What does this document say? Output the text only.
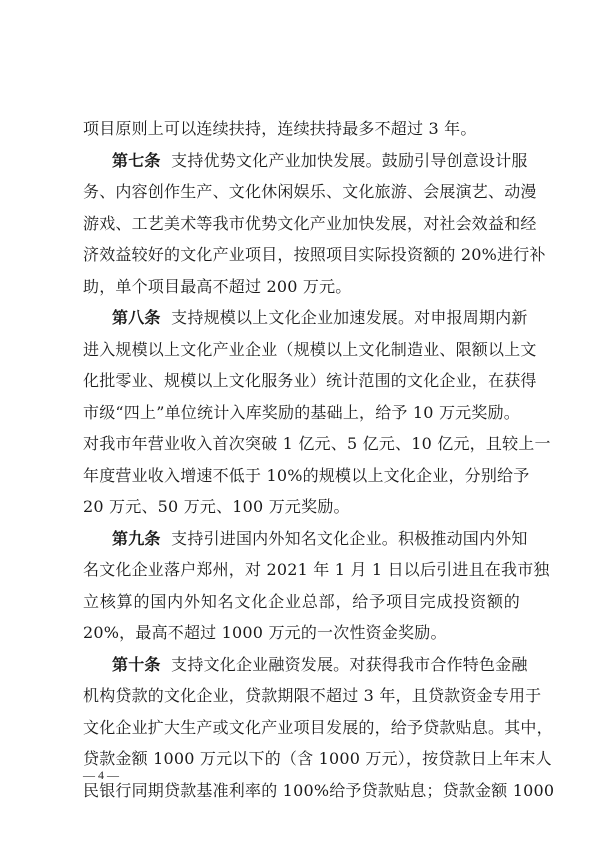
项目原则上可以连续扶持，连续扶持最多不超过 3 年。
第七条  支持优势文化产业加快发展。鼓励引导创意设计服
务、内容创作生产、文化休闲娱乐、文化旅游、会展演艺、动漫
游戏、工艺美术等我市优势文化产业加快发展，对社会效益和经
济效益较好的文化产业项目，按照项目实际投资额的 20%进行补
助，单个项目最高不超过 200 万元。
第八条  支持规模以上文化企业加速发展。对申报周期内新
进入规模以上文化产业企业（规模以上文化制造业、限额以上文
化批零业、规模以上文化服务业）统计范围的文化企业，在获得
市级“四上”单位统计入库奖励的基础上，给予 10 万元奖励。
对我市年营业收入首次突破 1 亿元、5 亿元、10 亿元，且较上一
年度营业收入增速不低于 10%的规模以上文化企业，分别给予
20 万元、50 万元、100 万元奖励。
第九条  支持引进国内外知名文化企业。积极推动国内外知
名文化企业落户郑州，对 2021 年 1 月 1 日以后引进且在我市独
立核算的国内外知名文化企业总部，给予项目完成投资额的
20%，最高不超过 1000 万元的一次性资金奖励。
第十条  支持文化企业融资发展。对获得我市合作特色金融
机构贷款的文化企业，贷款期限不超过 3 年，且贷款资金专用于
文化企业扩大生产或文化产业项目发展的，给予贷款贴息。其中，
贷款金额 1000 万元以下的（含 1000 万元），按贷款日上年末人
民银行同期贷款基准利率的 100%给予贷款贴息；贷款金额 1000
— 4 —
